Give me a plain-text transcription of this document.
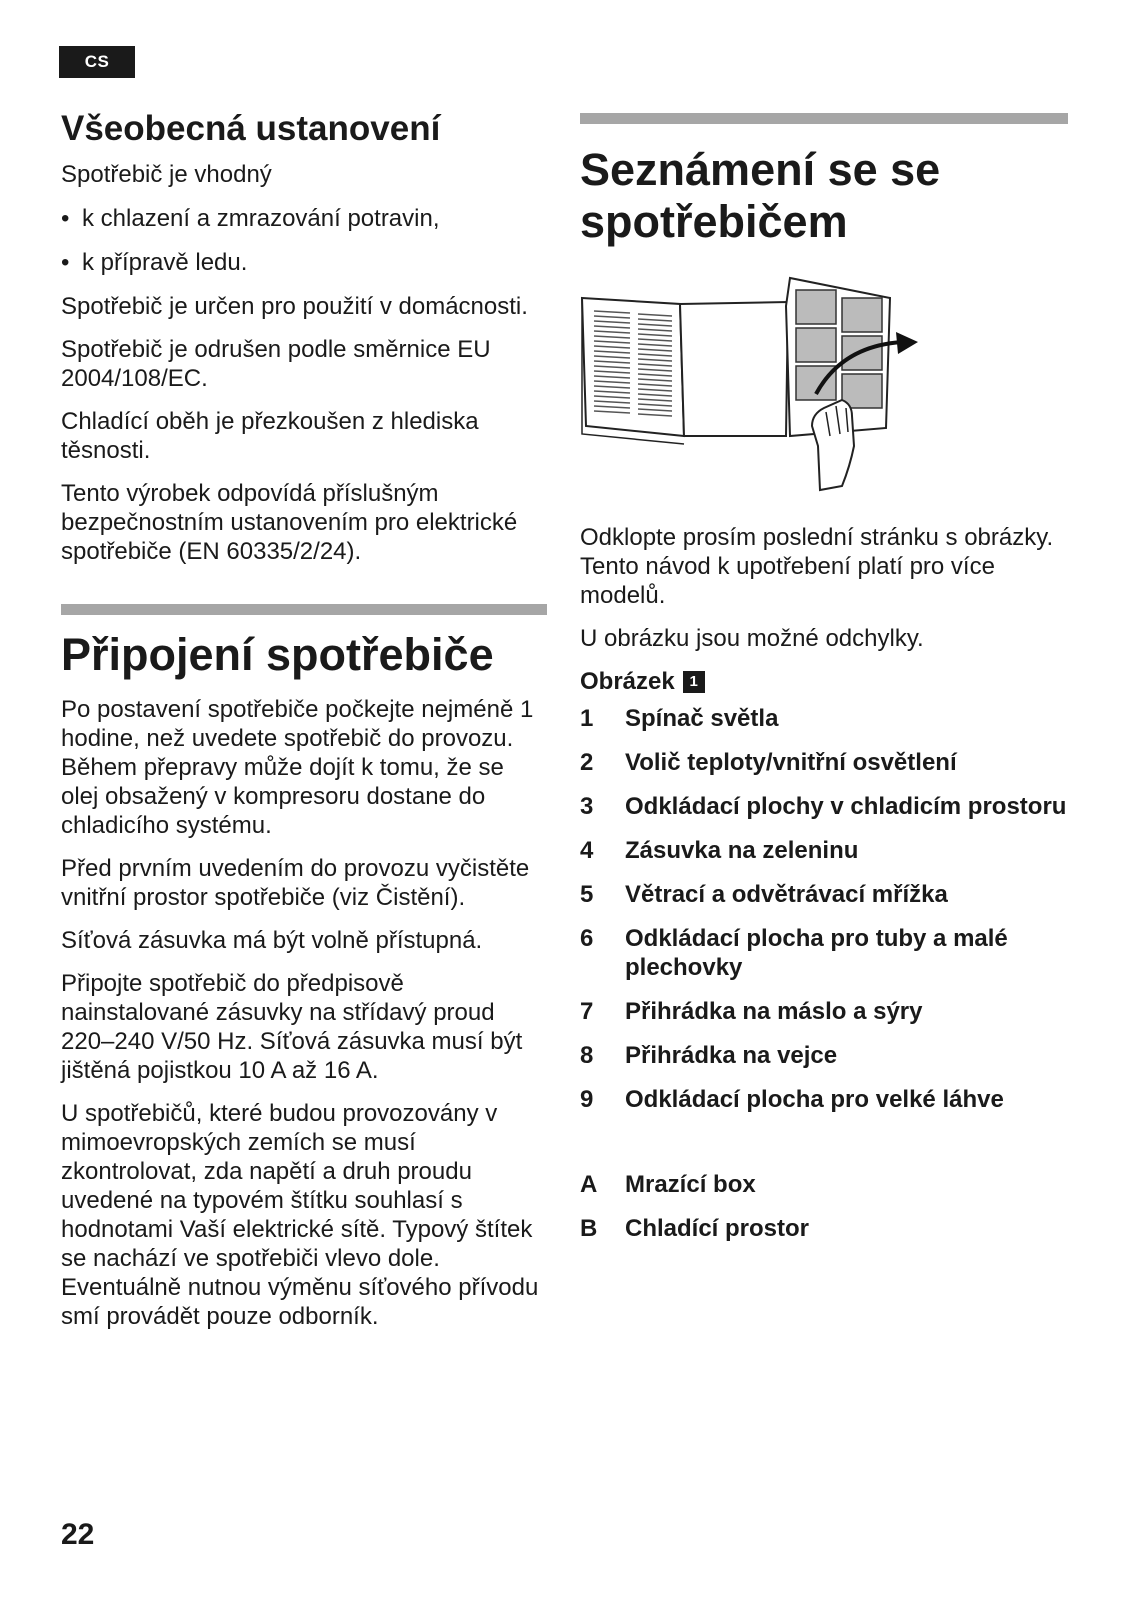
CS
Všeobecná ustanovení

Spotřebič je vhodný

• k chlazení a zmrazování potravin,
• k přípravě ledu.

Spotřebič je určen pro použití v domácnosti.

Spotřebič je odrušen podle směrnice EU 2004/108/EC.

Chladící oběh je přezkoušen z hlediska těsnosti.

Tento výrobek odpovídá příslušným bezpečnostním ustanovením pro elektrické spotřebiče (EN 60335/2/24).

Připojení spotřebiče

Po postavení spotřebiče počkejte nejméně 1 hodine, než uvedete spotřebič do provozu. Během přepravy může dojít k tomu, že se olej obsažený v kompresoru dostane do chladicího systému.

Před prvním uvedením do provozu vyčistěte vnitřní prostor spotřebiče (viz Čistění).

Síťová zásuvka má být volně přístupná.

Připojte spotřebič do předpisově nainstalované zásuvky na střídavý proud 220–240 V/50 Hz. Síťová zásuvka musí být jištěná pojistkou 10 A až 16 A.

U spotřebičů, které budou provozovány v mimoevropských zemích se musí zkontrolovat, zda napětí a druh proudu uvedené na typovém štítku souhlasí s hodnotami Vaší elektrické sítě. Typový štítek se nachází ve spotřebiči vlevo dole. Eventuálně nutnou výměnu síťového přívodu smí provádět pouze odborník.

Seznámení se se spotřebičem

Odklopte prosím poslední stránku s obrázky. Tento návod k upotřebení platí pro více modelů.

U obrázku jsou možné odchylky.

Obrázek 1
1	Spínač světla
2	Volič teploty/vnitřní osvětlení
3	Odkládací plochy v chladicím prostoru
4	Zásuvka na zeleninu
5	Větrací a odvětrávací mřížka
6	Odkládací plocha pro tuby a malé plechovky
7	Přihrádka na máslo a sýry
8	Přihrádka na vejce
9	Odkládací plocha pro velké láhve
A	Mrazící box
B	Chladící prostor
22
